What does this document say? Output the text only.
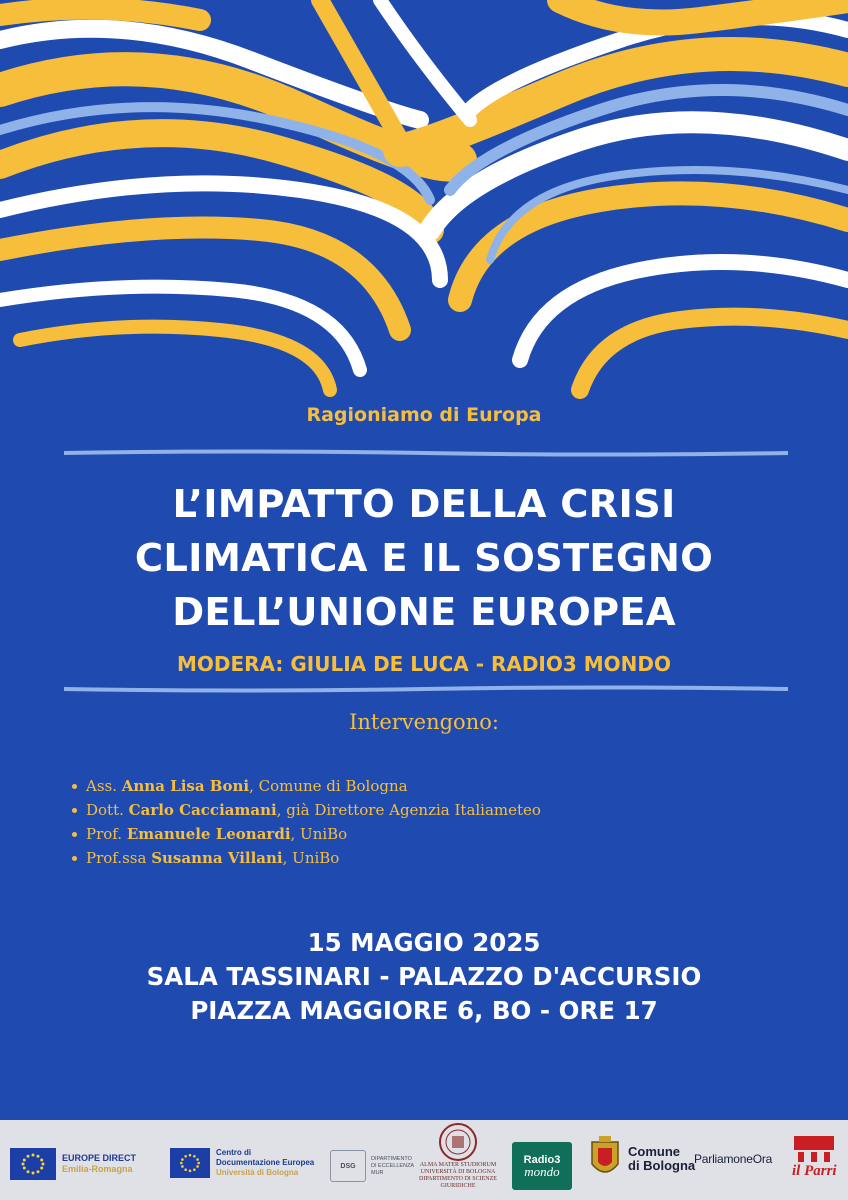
Ragioniamo di Europa
L’IMPATTO DELLA CRISI
CLIMATICA E IL SOSTEGNO
DELL’UNIONE EUROPEA
MODERA: GIULIA DE LUCA - RADIO3 MONDO
Intervengono:
Ass. Anna Lisa Boni, Comune di Bologna
Dott. Carlo Cacciamani, già Direttore Agenzia Italiameteo
Prof. Emanuele Leonardi, UniBo
Prof.ssa Susanna Villani, UniBo
15 MAGGIO 2025
SALA TASSINARI - PALAZZO D'ACCURSIO
PIAZZA MAGGIORE 6, BO - ORE 17
EUROPE DIRECT
Emilia-Romagna
Centro di
Documentazione Europea
Università di Bologna
DSG
DIPARTIMENTO
DI ECCELLENZA
MUR
ALMA MATER STUDIORUM
UNIVERSITÀ DI BOLOGNA
DIPARTIMENTO DI SCIENZE GIURIDICHE
Radio3
mondo
Comune
di Bologna
ParliamoneOra
il Parri
